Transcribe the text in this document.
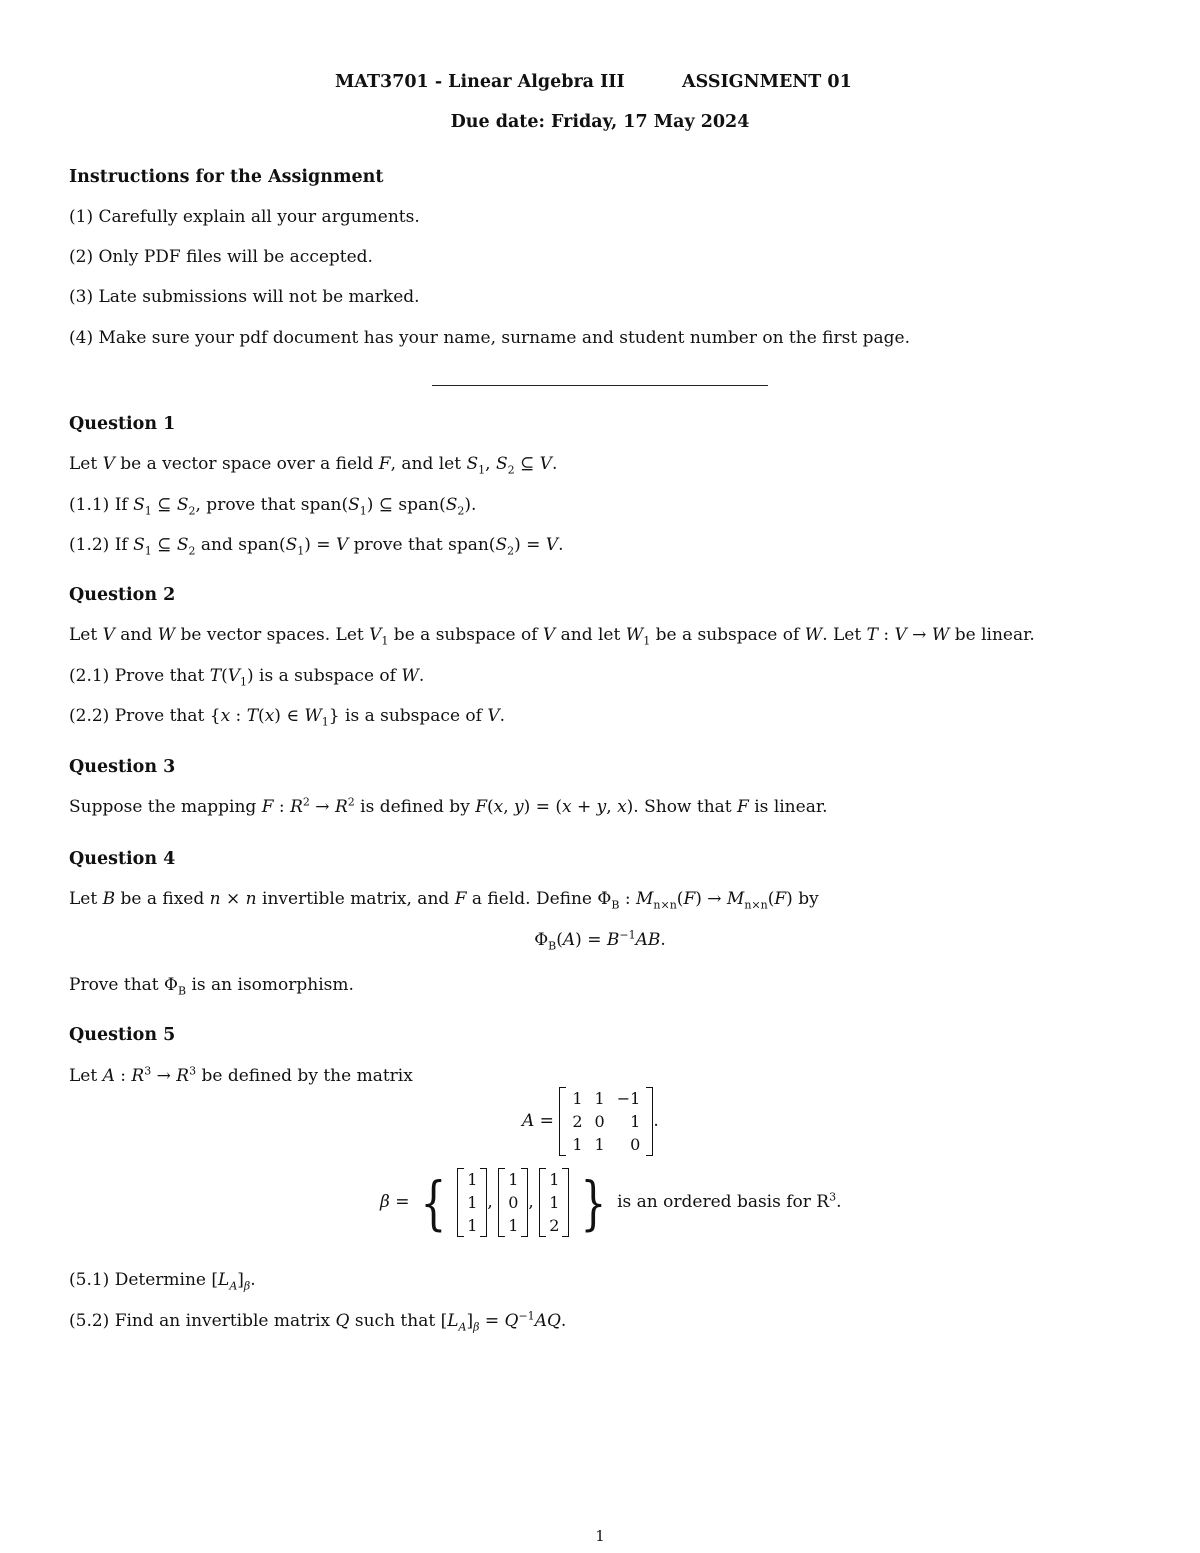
MAT3701 - Linear Algebra III	ASSIGNMENT 01
Due date: Friday, 17 May 2024
Instructions for the Assignment
(1) Carefully explain all your arguments.
(2) Only PDF files will be accepted.
(3) Late submissions will not be marked.
(4) Make sure your pdf document has your name, surname and student number on the first page.
Question 1
Let V be a vector space over a field F, and let $S_1$, $S_2$ ⊆ V.
(1.1) If $S_1$ ⊆ $S_2$, prove that $span(S_1)$ ⊆ $span(S_2)$.
(1.2) If $S_1$ ⊆ $S_2$ and $span(S_1) = V$ prove that $span(S_2) = V$.
Question 2
Let V and W be vector spaces. Let $V_1$ be a subspace of V and let $W_1$ be a subspace of W. Let T : V → W be linear.
(2.1) Prove that $T(V_1)$ is a subspace of W.
(2.2) Prove that {x : T(x) ∈ $W_1$} is a subspace of V.
Question 3
Suppose the mapping F : $R^2 \to R^2$ is defined by F(x, y) = (x + y, x). Show that F is linear.
Question 4
Let B be a fixed n × n invertible matrix, and F a field. Define $\Phi_B$ : $M_{n\times n}(F) \to M_{n\times n}(F)$ by
$\Phi_B(A) = B^{-1}AB$.
Prove that $\Phi_B$ is an isomorphism.
Question 5
Let A : $R^3 \to R^3$ be defined by the matrix
A =
1	1	−1
2	0	1
1	1	0
.
β = { 1
1
1
,
1
0
1
,
1
1
2 } is an ordered basis for $R^3$.
(5.1) Determine $[L_A]_\beta$.
(5.2) Find an invertible matrix Q such that $[L_A]_\beta = Q^{-1}AQ$.
1
